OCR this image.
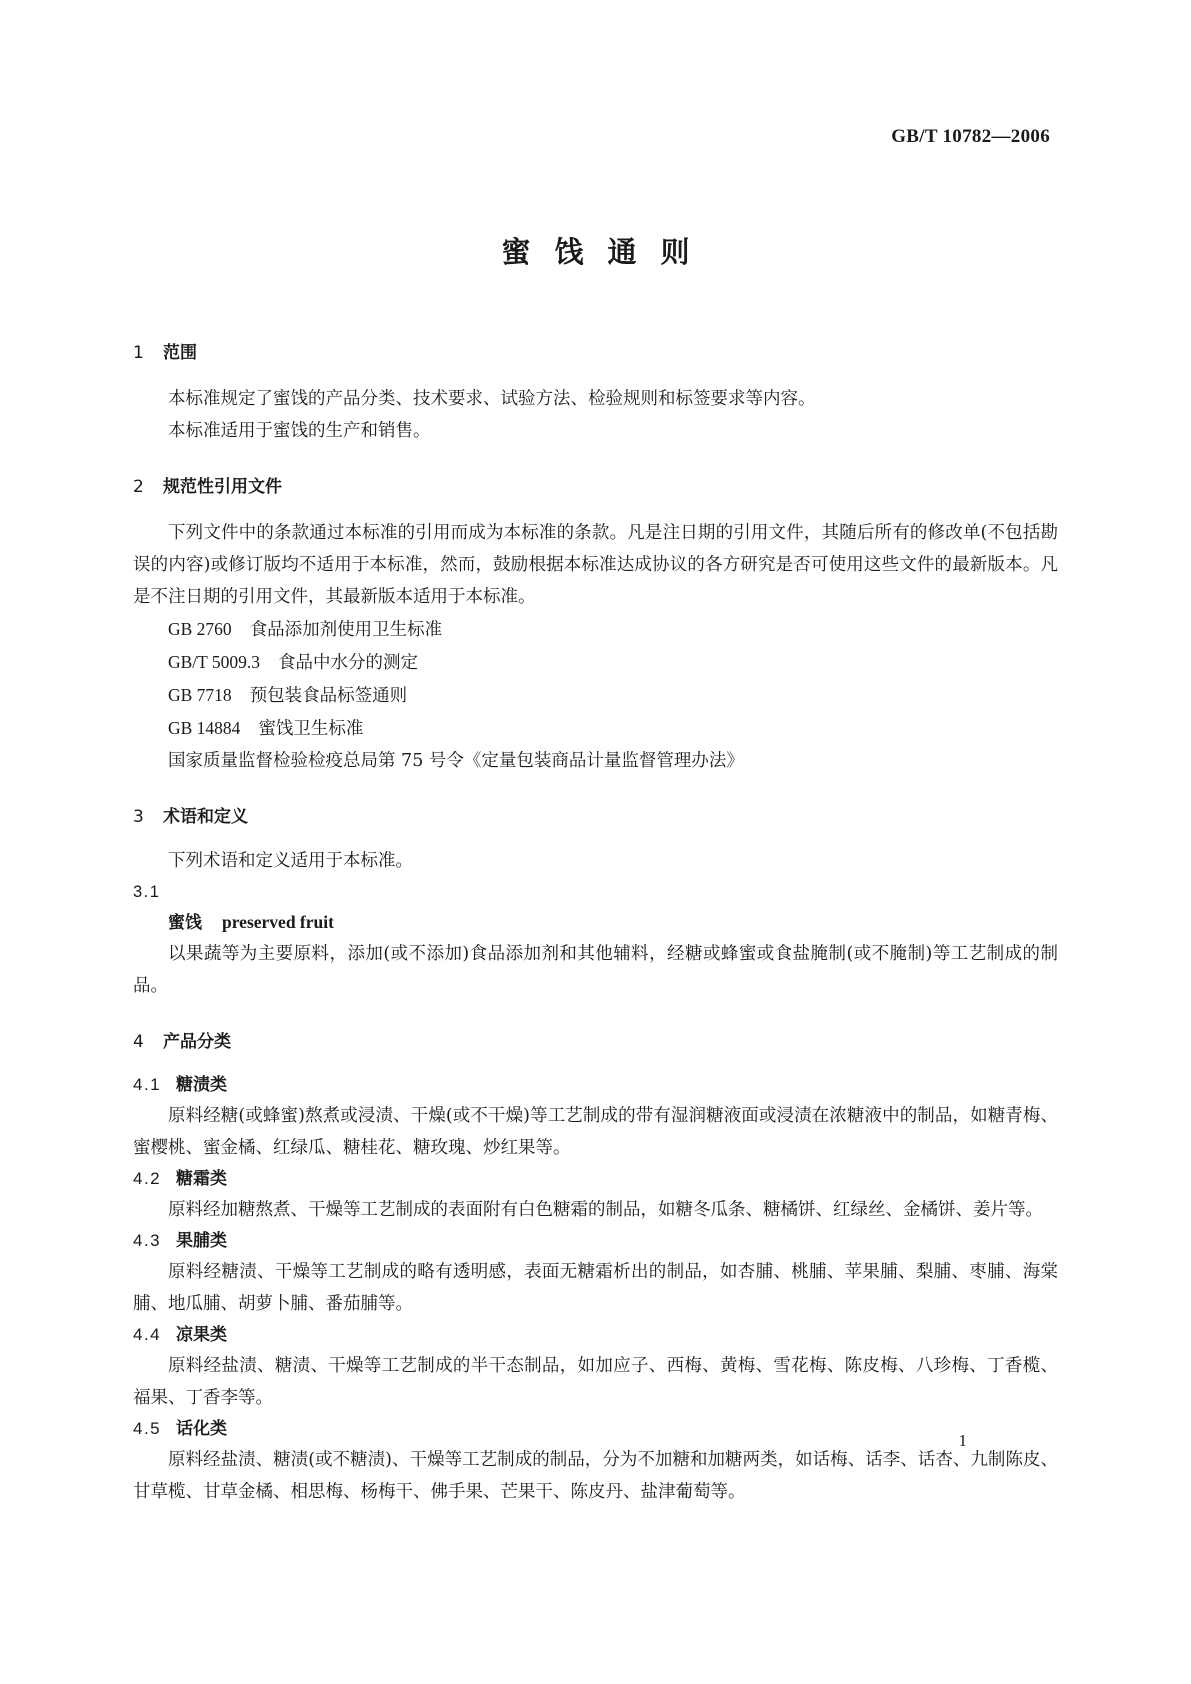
GB/T 10782—2006
蜜饯通则
1 范围

本标准规定了蜜饯的产品分类、技术要求、试验方法、检验规则和标签要求等内容。

本标准适用于蜜饯的生产和销售。

2 规范性引用文件

下列文件中的条款通过本标准的引用而成为本标准的条款。凡是注日期的引用文件，其随后所有的修改单(不包括勘误的内容)或修订版均不适用于本标准，然而，鼓励根据本标准达成协议的各方研究是否可使用这些文件的最新版本。凡是不注日期的引用文件，其最新版本适用于本标准。

GB 2760 食品添加剂使用卫生标准

GB/T 5009.3 食品中水分的测定

GB 7718 预包装食品标签通则

GB 14884 蜜饯卫生标准

国家质量监督检验检疫总局第 75 号令《定量包装商品计量监督管理办法》

3 术语和定义

下列术语和定义适用于本标准。

3.1

蜜饯 preserved fruit

以果蔬等为主要原料，添加(或不添加)食品添加剂和其他辅料，经糖或蜂蜜或食盐腌制(或不腌制)等工艺制成的制品。

4 产品分类
4.1 糖渍类

原料经糖(或蜂蜜)熬煮或浸渍、干燥(或不干燥)等工艺制成的带有湿润糖液面或浸渍在浓糖液中的制品，如糖青梅、蜜樱桃、蜜金橘、红绿瓜、糖桂花、糖玫瑰、炒红果等。

4.2 糖霜类

原料经加糖熬煮、干燥等工艺制成的表面附有白色糖霜的制品，如糖冬瓜条、糖橘饼、红绿丝、金橘饼、姜片等。

4.3 果脯类

原料经糖渍、干燥等工艺制成的略有透明感，表面无糖霜析出的制品，如杏脯、桃脯、苹果脯、梨脯、枣脯、海棠脯、地瓜脯、胡萝卜脯、番茄脯等。

4.4 凉果类

原料经盐渍、糖渍、干燥等工艺制成的半干态制品，如加应子、西梅、黄梅、雪花梅、陈皮梅、八珍梅、丁香榄、福果、丁香李等。

4.5 话化类

原料经盐渍、糖渍(或不糖渍)、干燥等工艺制成的制品，分为不加糖和加糖两类，如话梅、话李、话杏、九制陈皮、甘草榄、甘草金橘、相思梅、杨梅干、佛手果、芒果干、陈皮丹、盐津葡萄等。

1
